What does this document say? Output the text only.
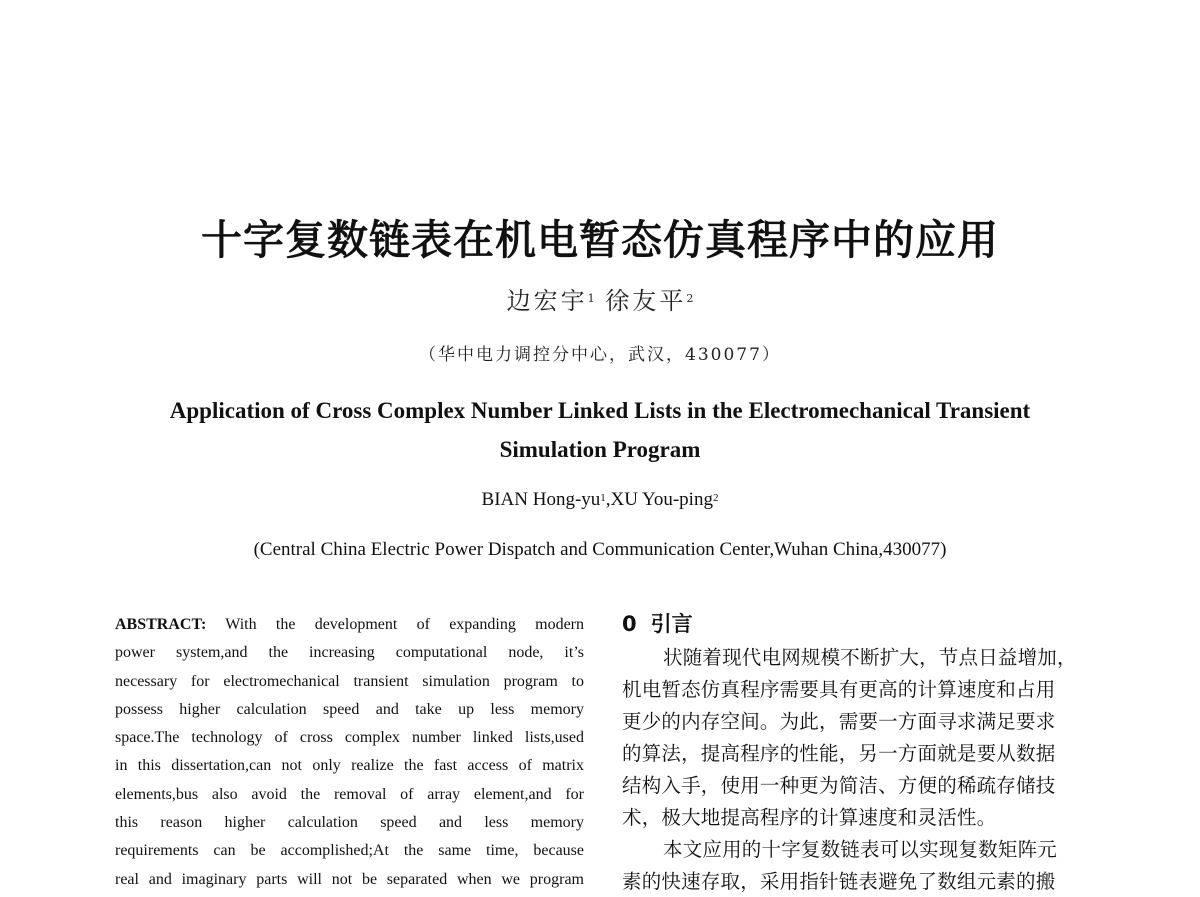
十字复数链表在机电暂态仿真程序中的应用
边宏宇$^1$ 徐友平$^2$
（华中电力调控分中心，武汉，430077）
Application of Cross Complex Number Linked Lists in the Electromechanical Transient Simulation Program
BIAN Hong-$yu^1,XU$ You-ping$^2$
(Central China Electric Power Dispatch and Communication Center,Wuhan China,430077)
ABSTRACT: With the development of expanding modern
power system,and the increasing computational node, it’s
necessary for electromechanical transient simulation program to
possess higher calculation speed and take up less memory
space.The technology of cross complex number linked lists,used
in this dissertation,can not only realize the fast access of matrix
elements,bus also avoid the removal of array element,and for
this reason higher calculation speed and less memory
requirements can be accomplished;At the same time, because
real and imaginary parts will not be separated when we program
0 引言
状随着现代电网规模不断扩大，节点日益增加，
机电暂态仿真程序需要具有更高的计算速度和占用
更少的内存空间。为此，需要一方面寻求满足要求
的算法，提高程序的性能，另一方面就是要从数据
结构入手，使用一种更为简洁、方便的稀疏存储技
术，极大地提高程序的计算速度和灵活性。
本文应用的十字复数链表可以实现复数矩阵元
素的快速存取，采用指针链表避免了数组元素的搬
